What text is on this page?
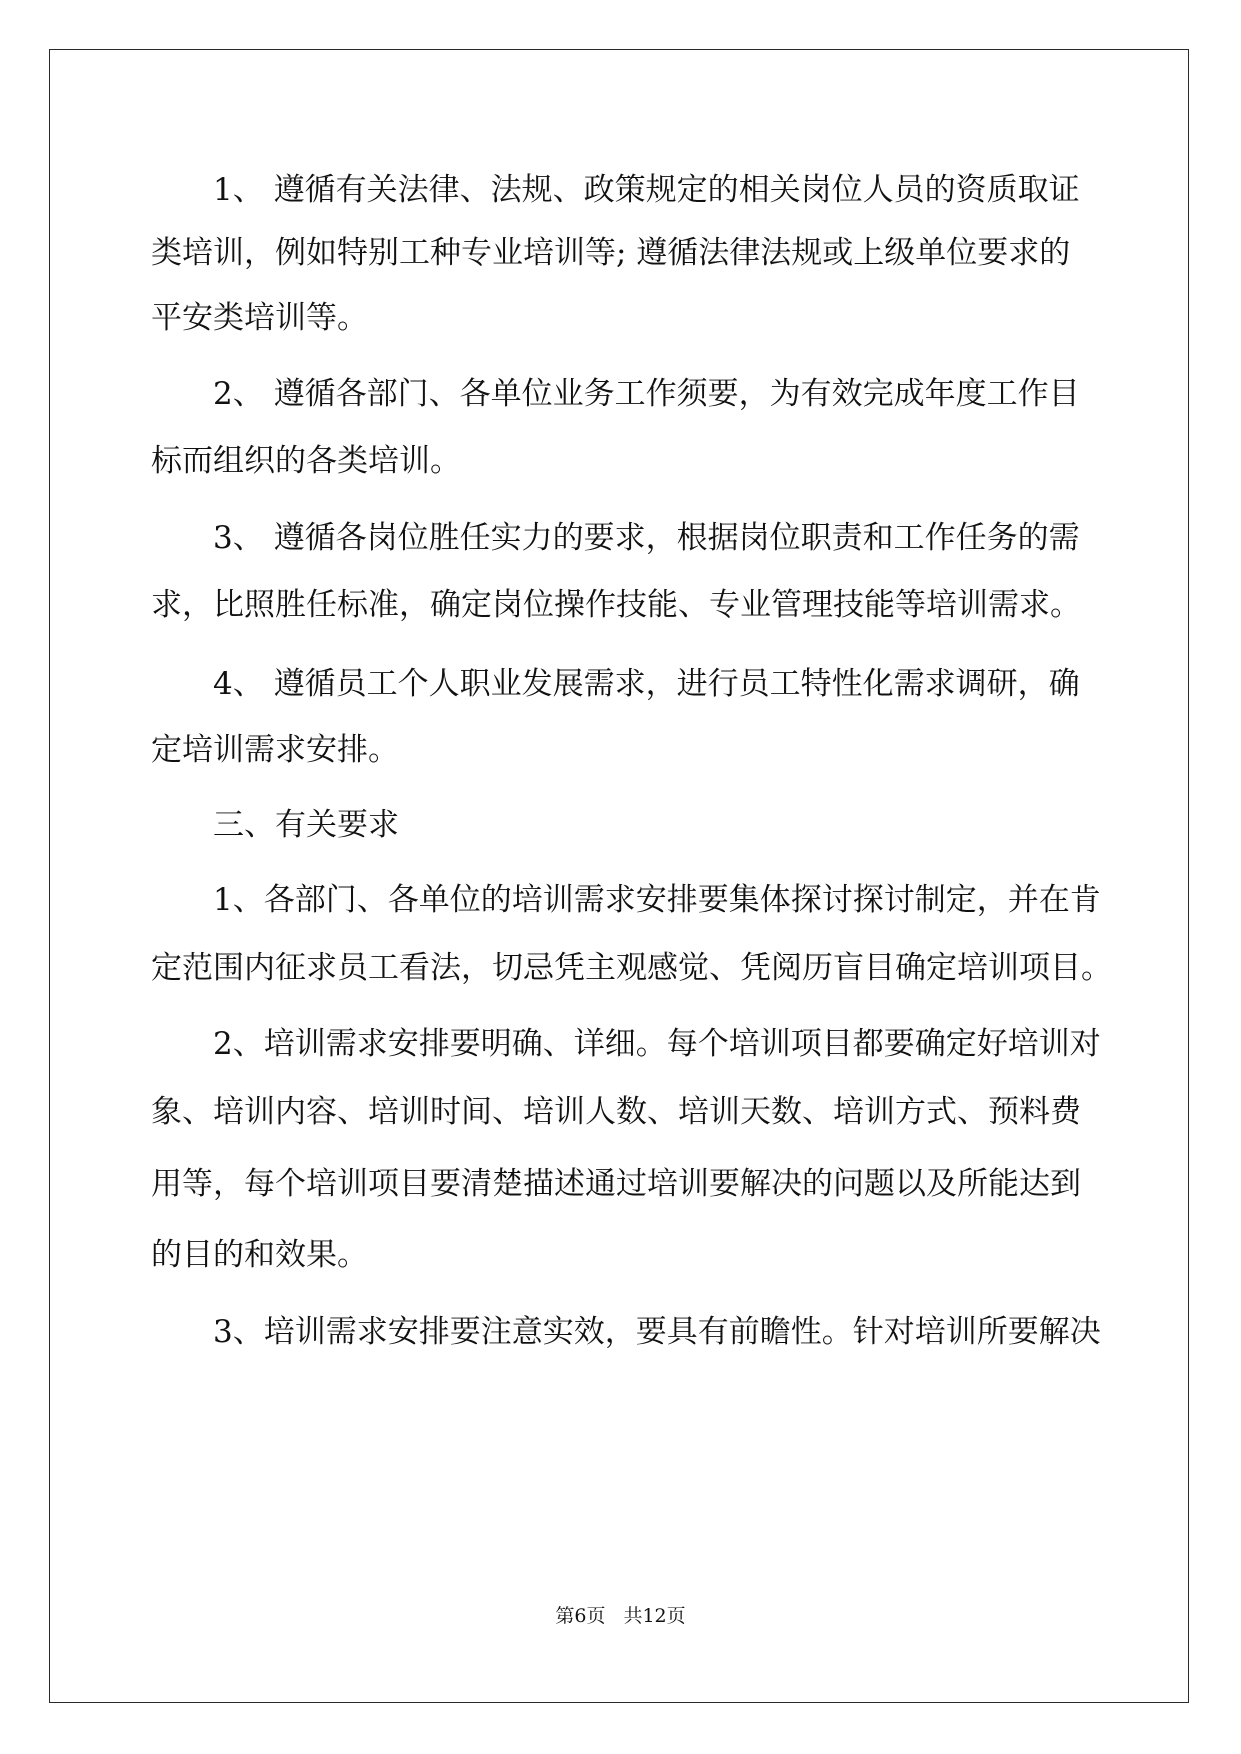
1、 遵循有关法律、法规、政策规定的相关岗位人员的资质取证
类培训，例如特别工种专业培训等; 遵循法律法规或上级单位要求的
平安类培训等。
2、 遵循各部门、各单位业务工作须要，为有效完成年度工作目
标而组织的各类培训。
3、 遵循各岗位胜任实力的要求，根据岗位职责和工作任务的需
求，比照胜任标准，确定岗位操作技能、专业管理技能等培训需求。
4、 遵循员工个人职业发展需求，进行员工特性化需求调研，确
定培训需求安排。
三、有关要求
1、各部门、各单位的培训需求安排要集体探讨探讨制定，并在肯
定范围内征求员工看法，切忌凭主观感觉、凭阅历盲目确定培训项目。
2、培训需求安排要明确、详细。每个培训项目都要确定好培训对
象、培训内容、培训时间、培训人数、培训天数、培训方式、预料费
用等，每个培训项目要清楚描述通过培训要解决的问题以及所能达到
的目的和效果。
3、培训需求安排要注意实效，要具有前瞻性。针对培训所要解决
第6页 共12页
